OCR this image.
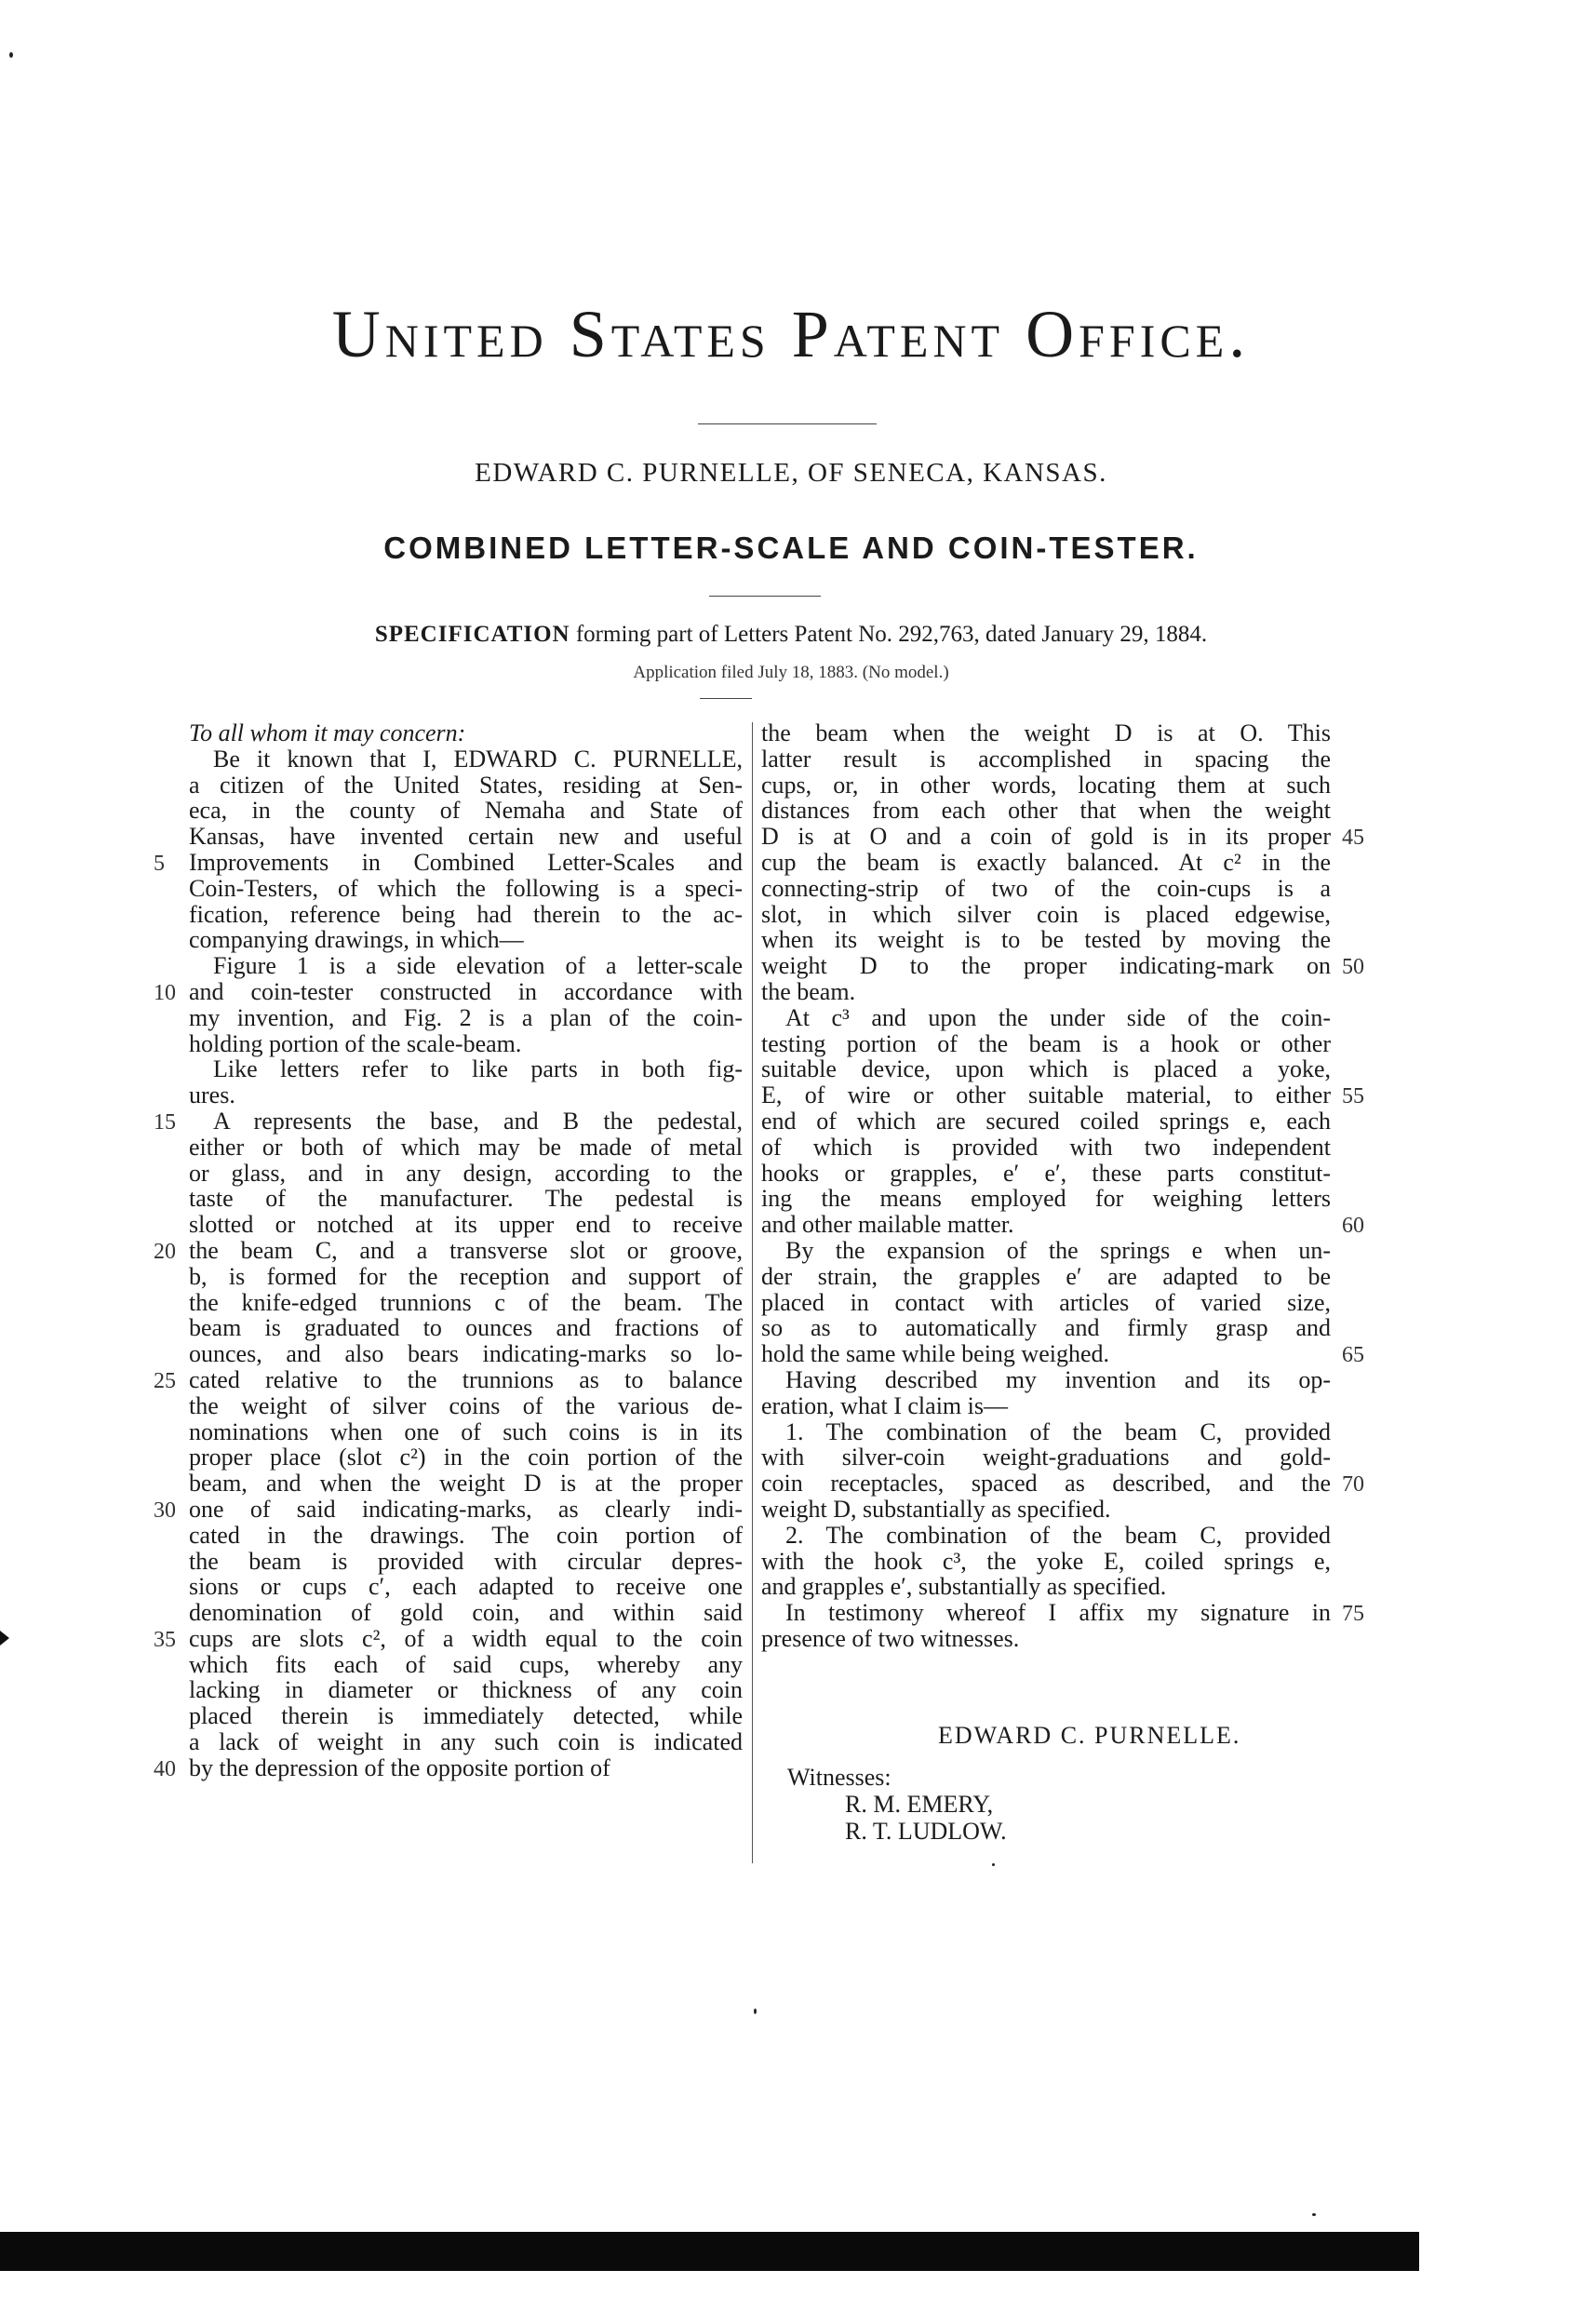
United States Patent Office.
EDWARD C. PURNELLE, OF SENECA, KANSAS.
COMBINED LETTER-SCALE AND COIN-TESTER.
SPECIFICATION forming part of Letters Patent No. 292,763, dated January 29, 1884.
Application filed July 18, 1883. (No model.)
To all whom it may concern:
Be it known that I, EDWARD C. PURNELLE,
a citizen of the United States, residing at Sen-
eca, in the county of Nemaha and State of
Kansas, have invented certain new and useful
Improvements in Combined Letter-Scales and
Coin-Testers, of which the following is a speci-
fication, reference being had therein to the ac-
companying drawings, in which—
Figure 1 is a side elevation of a letter-scale
and coin-tester constructed in accordance with
my invention, and Fig. 2 is a plan of the coin-
holding portion of the scale-beam.
Like letters refer to like parts in both fig-
ures.
A represents the base, and B the pedestal,
either or both of which may be made of metal
or glass, and in any design, according to the
taste of the manufacturer. The pedestal is
slotted or notched at its upper end to receive
the beam C, and a transverse slot or groove,
b, is formed for the reception and support of
the knife-edged trunnions c of the beam. The
beam is graduated to ounces and fractions of
ounces, and also bears indicating-marks so lo-
cated relative to the trunnions as to balance
the weight of silver coins of the various de-
nominations when one of such coins is in its
proper place (slot c²) in the coin portion of the
beam, and when the weight D is at the proper
one of said indicating-marks, as clearly indi-
cated in the drawings. The coin portion of
the beam is provided with circular depres-
sions or cups c′, each adapted to receive one
denomination of gold coin, and within said
cups are slots c², of a width equal to the coin
which fits each of said cups, whereby any
lacking in diameter or thickness of any coin
placed therein is immediately detected, while
a lack of weight in any such coin is indicated
by the depression of the opposite portion of
the beam when the weight D is at O. This
latter result is accomplished in spacing the
cups, or, in other words, locating them at such
distances from each other that when the weight
D is at O and a coin of gold is in its proper
cup the beam is exactly balanced. At c² in the
connecting-strip of two of the coin-cups is a
slot, in which silver coin is placed edgewise,
when its weight is to be tested by moving the
weight D to the proper indicating-mark on
the beam.
At c³ and upon the under side of the coin-
testing portion of the beam is a hook or other
suitable device, upon which is placed a yoke,
E, of wire or other suitable material, to either
end of which are secured coiled springs e, each
of which is provided with two independent
hooks or grapples, e′ e′, these parts constitut-
ing the means employed for weighing letters
and other mailable matter.
By the expansion of the springs e when un-
der strain, the grapples e′ are adapted to be
placed in contact with articles of varied size,
so as to automatically and firmly grasp and
hold the same while being weighed.
Having described my invention and its op-
eration, what I claim is—
1. The combination of the beam C, provided
with silver-coin weight-graduations and gold-
coin receptacles, spaced as described, and the
weight D, substantially as specified.
2. The combination of the beam C, provided
with the hook c³, the yoke E, coiled springs e,
and grapples e′, substantially as specified.
In testimony whereof I affix my signature in
presence of two witnesses.
5
10
15
20
25
30
35
40
45
50
55
60
65
70
75
EDWARD C. PURNELLE.
Witnesses:
R. M. EMERY,
R. T. LUDLOW.
